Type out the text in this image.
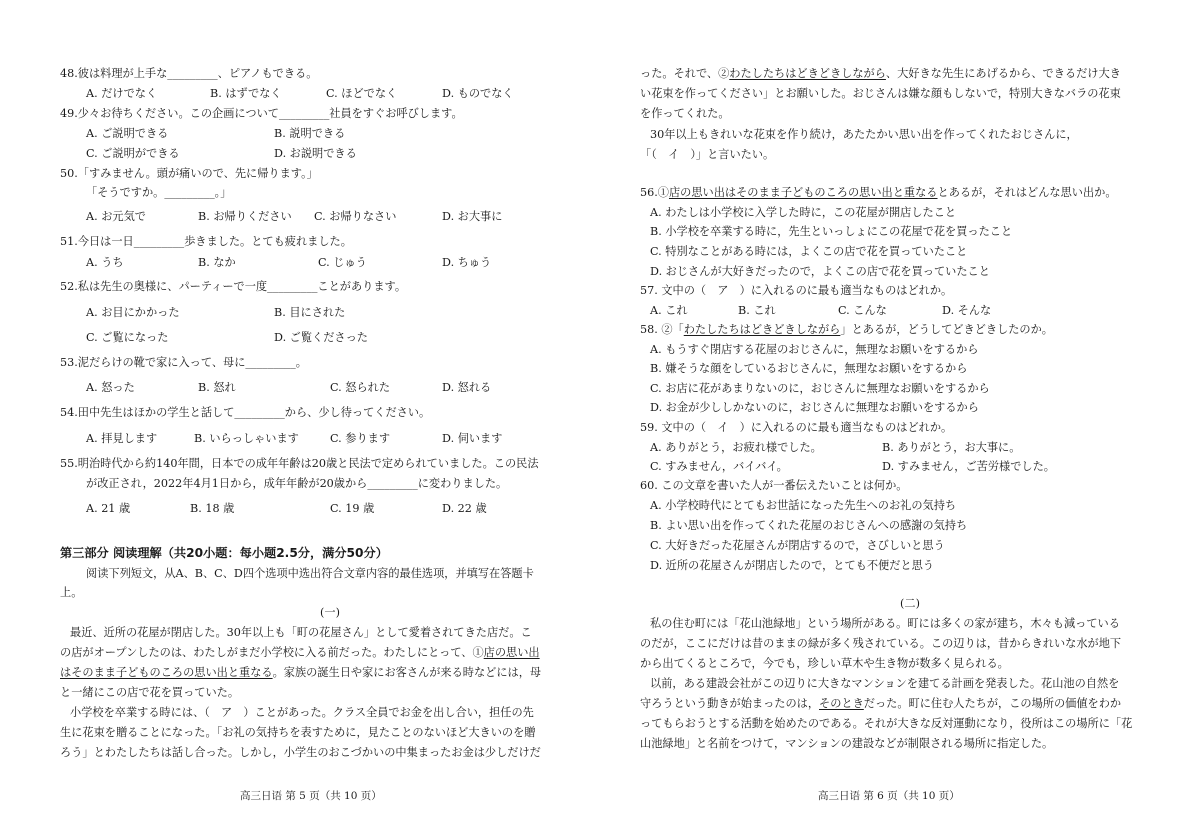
48.彼は料理が上手な_________、ピアノもできる。
A. だけでなく	B. はずでなく	C. ほどでなく	D. ものでなく
49.少々お待ちください。この企画について_________社員をすぐお呼びします。
A. ご説明できる	B. 説明できる
C. ご説明ができる	D. お説明できる
50.「すみません。頭が痛いので、先に帰ります。」
「そうですか。_________。」
A. お元気で	B. お帰りください C. お帰りなさい	D. お大事に
51.今日は一日_________歩きました。とても疲れました。
A. うち	B. なか	C. じゅう	D. ちゅう
52.私は先生の奥様に、パーティーで一度_________ことがあります。
A. お目にかかった	B. 目にされた
C. ご覧になった	D. ご覧くださった
53.泥だらけの靴で家に入って、母に_________。
A. 怒った	B. 怒れ	C. 怒られた	D. 怒れる
54.田中先生はほかの学生と話して_________から、少し待ってください。
A. 拝見します	B. いらっしゃいます	C. 参ります	D. 伺います
55.明治時代から約140年間，日本での成年年齢は20歳と民法で定められていました。この民法
が改正され，2022年4月1日から，成年年齢が20歳から_________に変わりました。
A. 21 歳	B. 18 歳	C. 19 歳	D. 22 歳
第三部分 阅读理解（共20小题：每小题2.5分，满分50分）
阅读下列短文，从A、B、C、D四个选项中选出符合文章内容的最佳选项，并填写在答题卡
上。
(一)
最近、近所の花屋が閉店した。30年以上も「町の花屋さん」として愛着されてきた店だ。こ
の店がオープンしたのは、わたしがまだ小学校に入る前だった。わたしにとって、①店の思い出
はそのまま子どものころの思い出と重なる。家族の誕生日や家にお客さんが来る時などには，母
と一緒にこの店で花を買っていた。
小学校を卒業する時には、（　ア　）ことがあった。クラス全員でお金を出し合い，担任の先
生に花束を贈ることになった。「お礼の気持ちを表すために，見たことのないほど大きいのを贈
ろう」とわたしたちは話し合った。しかし，小学生のおこづかいの中集まったお金は少しだけだ
高三日语 第 5 页（共 10 页）
った。それで、②わたしたちはどきどきしながら、大好きな先生にあげるから、できるだけ大き
い花束を作ってください」とお願いした。おじさんは嫌な顔もしないで，特別大きなバラの花束
を作ってくれた。
30年以上もきれいな花束を作り続け，あたたかい思い出を作ってくれたおじさんに，
「（　イ　）」と言いたい。
56.①店の思い出はそのまま子どものころの思い出と重なるとあるが，それはどんな思い出か。
A. わたしは小学校に入学した時に，この花屋が開店したこと
B. 小学校を卒業する時に，先生といっしょにこの花屋で花を買ったこと
C. 特別なことがある時には，よくこの店で花を買っていたこと
D. おじさんが大好きだったので，よくこの店で花を買っていたこと
57. 文中の（　ア　）に入れるのに最も適当なものはどれか。
A. これ	B. これ	C. こんな	D. そんな
58. ②「わたしたちはどきどきしながら」とあるが，どうしてどきどきしたのか。
A. もうすぐ閉店する花屋のおじさんに，無理なお願いをするから
B. 嫌そうな顔をしているおじさんに，無理なお願いをするから
C. お店に花があまりないのに，おじさんに無理なお願いをするから
D. お金が少ししかないのに，おじさんに無理なお願いをするから
59. 文中の（　イ　）に入れるのに最も適当なものはどれか。
A. ありがとう，お疲れ様でした。	B. ありがとう，お大事に。
C. すみません，バイバイ。	D. すみません，ご苦労様でした。
60. この文章を書いた人が一番伝えたいことは何か。
A. 小学校時代にとてもお世話になった先生へのお礼の気持ち
B. よい思い出を作ってくれた花屋のおじさんへの感謝の気持ち
C. 大好きだった花屋さんが閉店するので，さびしいと思う
D. 近所の花屋さんが閉店したので，とても不便だと思う
(二)
私の住む町には「花山池緑地」という場所がある。町には多くの家が建ち，木々も減っている
のだが，ここにだけは昔のままの緑が多く残されている。この辺りは，昔からきれいな水が地下
から出てくるところで，今でも，珍しい草木や生き物が数多く見られる。
以前，ある建設会社がこの辺りに大きなマンションを建てる計画を発表した。花山池の自然を
守ろうという動きが始まったのは，そのときだった。町に住む人たちが，この場所の価値をわか
ってもらおうとする活動を始めたのである。それが大きな反対運動になり，役所はこの場所に「花
山池緑地」と名前をつけて，マンションの建設などが制限される場所に指定した。
高三日语 第 6 页（共 10 页）
